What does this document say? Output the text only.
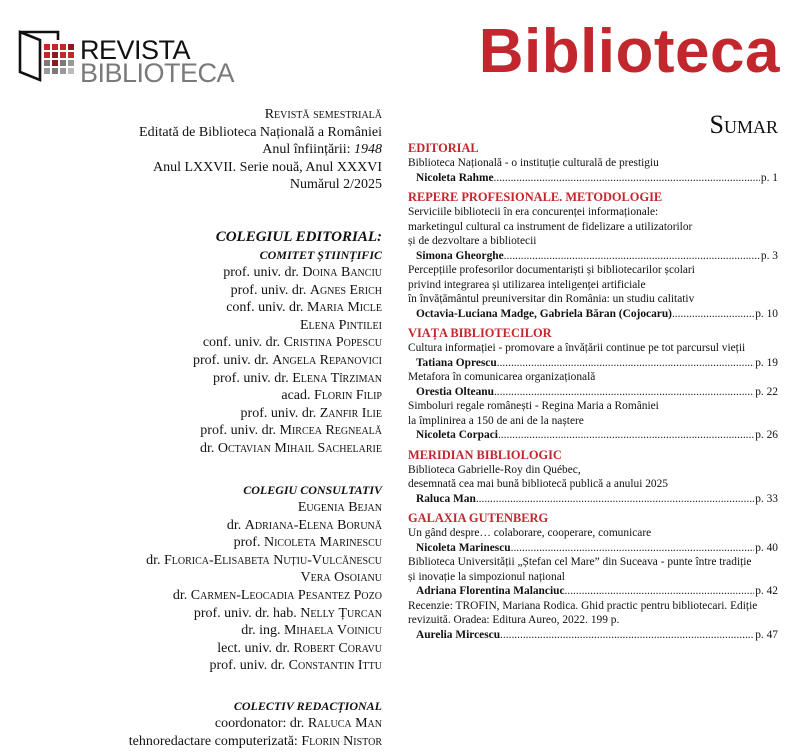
REVISTA
BIBLIOTECA	Biblioteca
Sumar
Revistă semestrială
Editată de Biblioteca Națională a României
Anul înființării: 1948
Anul LXXVII. Serie nouă, Anul XXXVI
Numărul 2/2025
COLEGIUL EDITORIAL:
COMITET ȘTIINȚIFIC
prof. univ. dr. Doina Banciu
prof. univ. dr. Agnes Erich
conf. univ. dr. Maria Micle
Elena Pintilei
conf. univ. dr. Cristina Popescu
prof. univ. dr. Angela Repanovici
prof. univ. dr. Elena Tîrziman
acad. Florin Filip
prof. univ. dr. Zanfir Ilie
prof. univ. dr. Mircea Regneală
dr. Octavian Mihail Sachelarie
COLEGIU CONSULTATIV
Eugenia Bejan
dr. Adriana-Elena Borună
prof. Nicoleta Marinescu
dr. Florica-Elisabeta Nuțiu-Vulcănescu
Vera Osoianu
dr. Carmen-Leocadia Pesantez Pozo
prof. univ. dr. hab. Nelly Țurcan
dr. ing. Mihaela Voinicu
lect. univ. dr. Robert Coravu
prof. univ. dr. Constantin Ittu
COLECTIV REDACȚIONAL
coordonator: dr. Raluca Man
tehnoredactare computerizată: Florin Nistor
EDITORIAL
Biblioteca Națională - o instituție culturală de prestigiu
Nicoleta Rahme .....	p. 1
REPERE PROFESIONALE. METODOLOGIE
Serviciile bibliotecii în era concurenței informaționale:
marketingul cultural ca instrument de fidelizare a utilizatorilor
și de dezvoltare a bibliotecii
Simona Gheorghe .....	p. 3
Percepțiile profesorilor documentariști și bibliotecarilor școlari
privind integrarea și utilizarea inteligenței artificiale
în învățământul preuniversitar din România: un studiu calitativ
Octavia-Luciana Madge, Gabriela Băran (Cojocaru) .....	p. 10
VIAȚA BIBLIOTECILOR
Cultura informației - promovare a învățării continue pe tot parcursul vieții
Tatiana Oprescu .....	p. 19
Metafora în comunicarea organizațională
Orestia Olteanu .....	p. 22
Simboluri regale românești - Regina Maria a României
la împlinirea a 150 de ani de la naștere
Nicoleta Corpaci .....	p. 26
MERIDIAN BIBLIOLOGIC
Biblioteca Gabrielle-Roy din Québec,
desemnată cea mai bună bibliotecă publică a anului 2025
Raluca Man .....	p. 33
GALAXIA GUTENBERG
Un gând despre… colaborare, cooperare, comunicare
Nicoleta Marinescu .....	p. 40
Biblioteca Universității „Ștefan cel Mare” din Suceava - punte între tradiție
și inovație la simpozionul național
Adriana Florentina Malanciuc .....	p. 42
Recenzie: TROFIN, Mariana Rodica. Ghid practic pentru bibliotecari. Ediție
revizuită. Oradea: Editura Aureo, 2022. 199 p.
Aurelia Mircescu .....	p. 47
